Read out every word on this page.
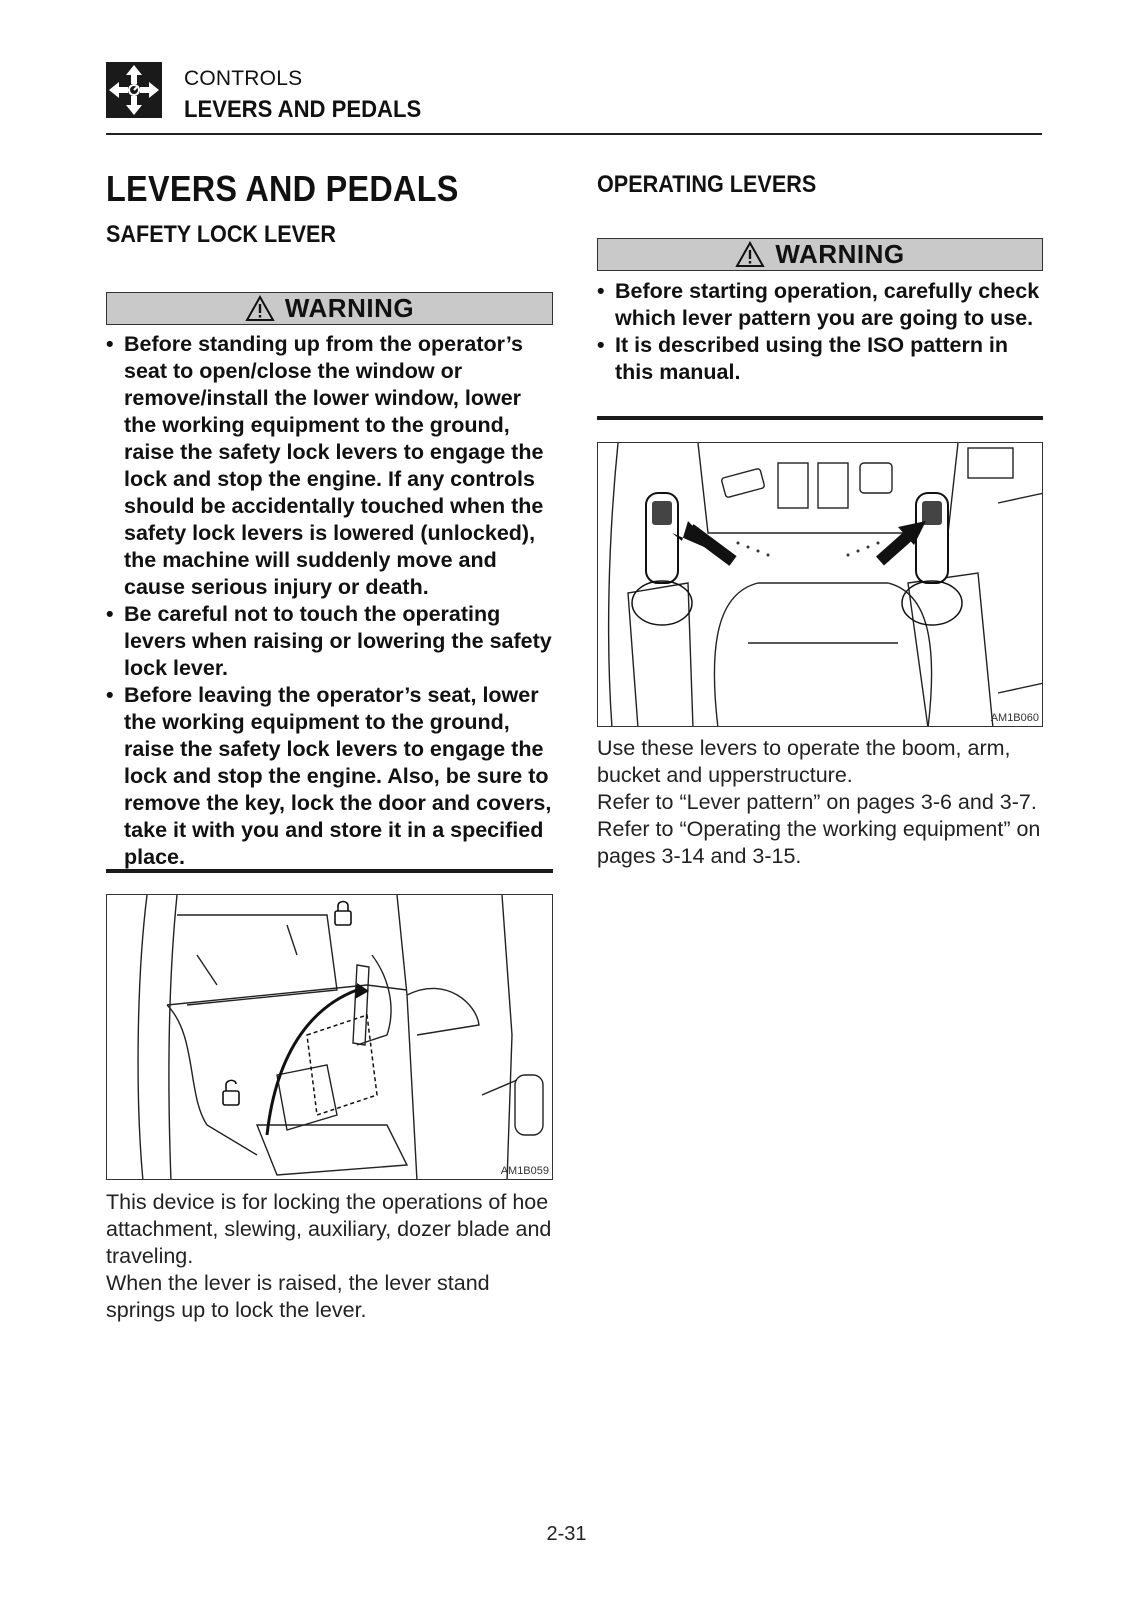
CONTROLS
LEVERS AND PEDALS
LEVERS AND PEDALS
SAFETY LOCK LEVER
WARNING
• Before standing up from the operator’s seat to open/close the window or remove/install the lower window, lower the working equipment to the ground, raise the safety lock levers to engage the lock and stop the engine. If any controls should be accidentally touched when the safety lock levers is lowered (unlocked), the machine will suddenly move and cause serious injury or death.
• Be careful not to touch the operating levers when raising or lowering the safety lock lever.
• Before leaving the operator’s seat, lower the working equipment to the ground, raise the safety lock levers to engage the lock and stop the engine. Also, be sure to remove the key, lock the door and covers, take it with you and store it in a specified place.
AM1B059

This device is for locking the operations of hoe attachment, slewing, auxiliary, dozer blade and traveling.

When the lever is raised, the lever stand springs up to lock the lever.

OPERATING LEVERS
WARNING
• Before starting operation, carefully check which lever pattern you are going to use.
• It is described using the ISO pattern in this manual.
AM1B060

Use these levers to operate the boom, arm, bucket and upperstructure.

Refer to “Lever pattern” on pages 3-6 and 3-7.

Refer to “Operating the working equipment” on pages 3-14 and 3-15.

2-31
